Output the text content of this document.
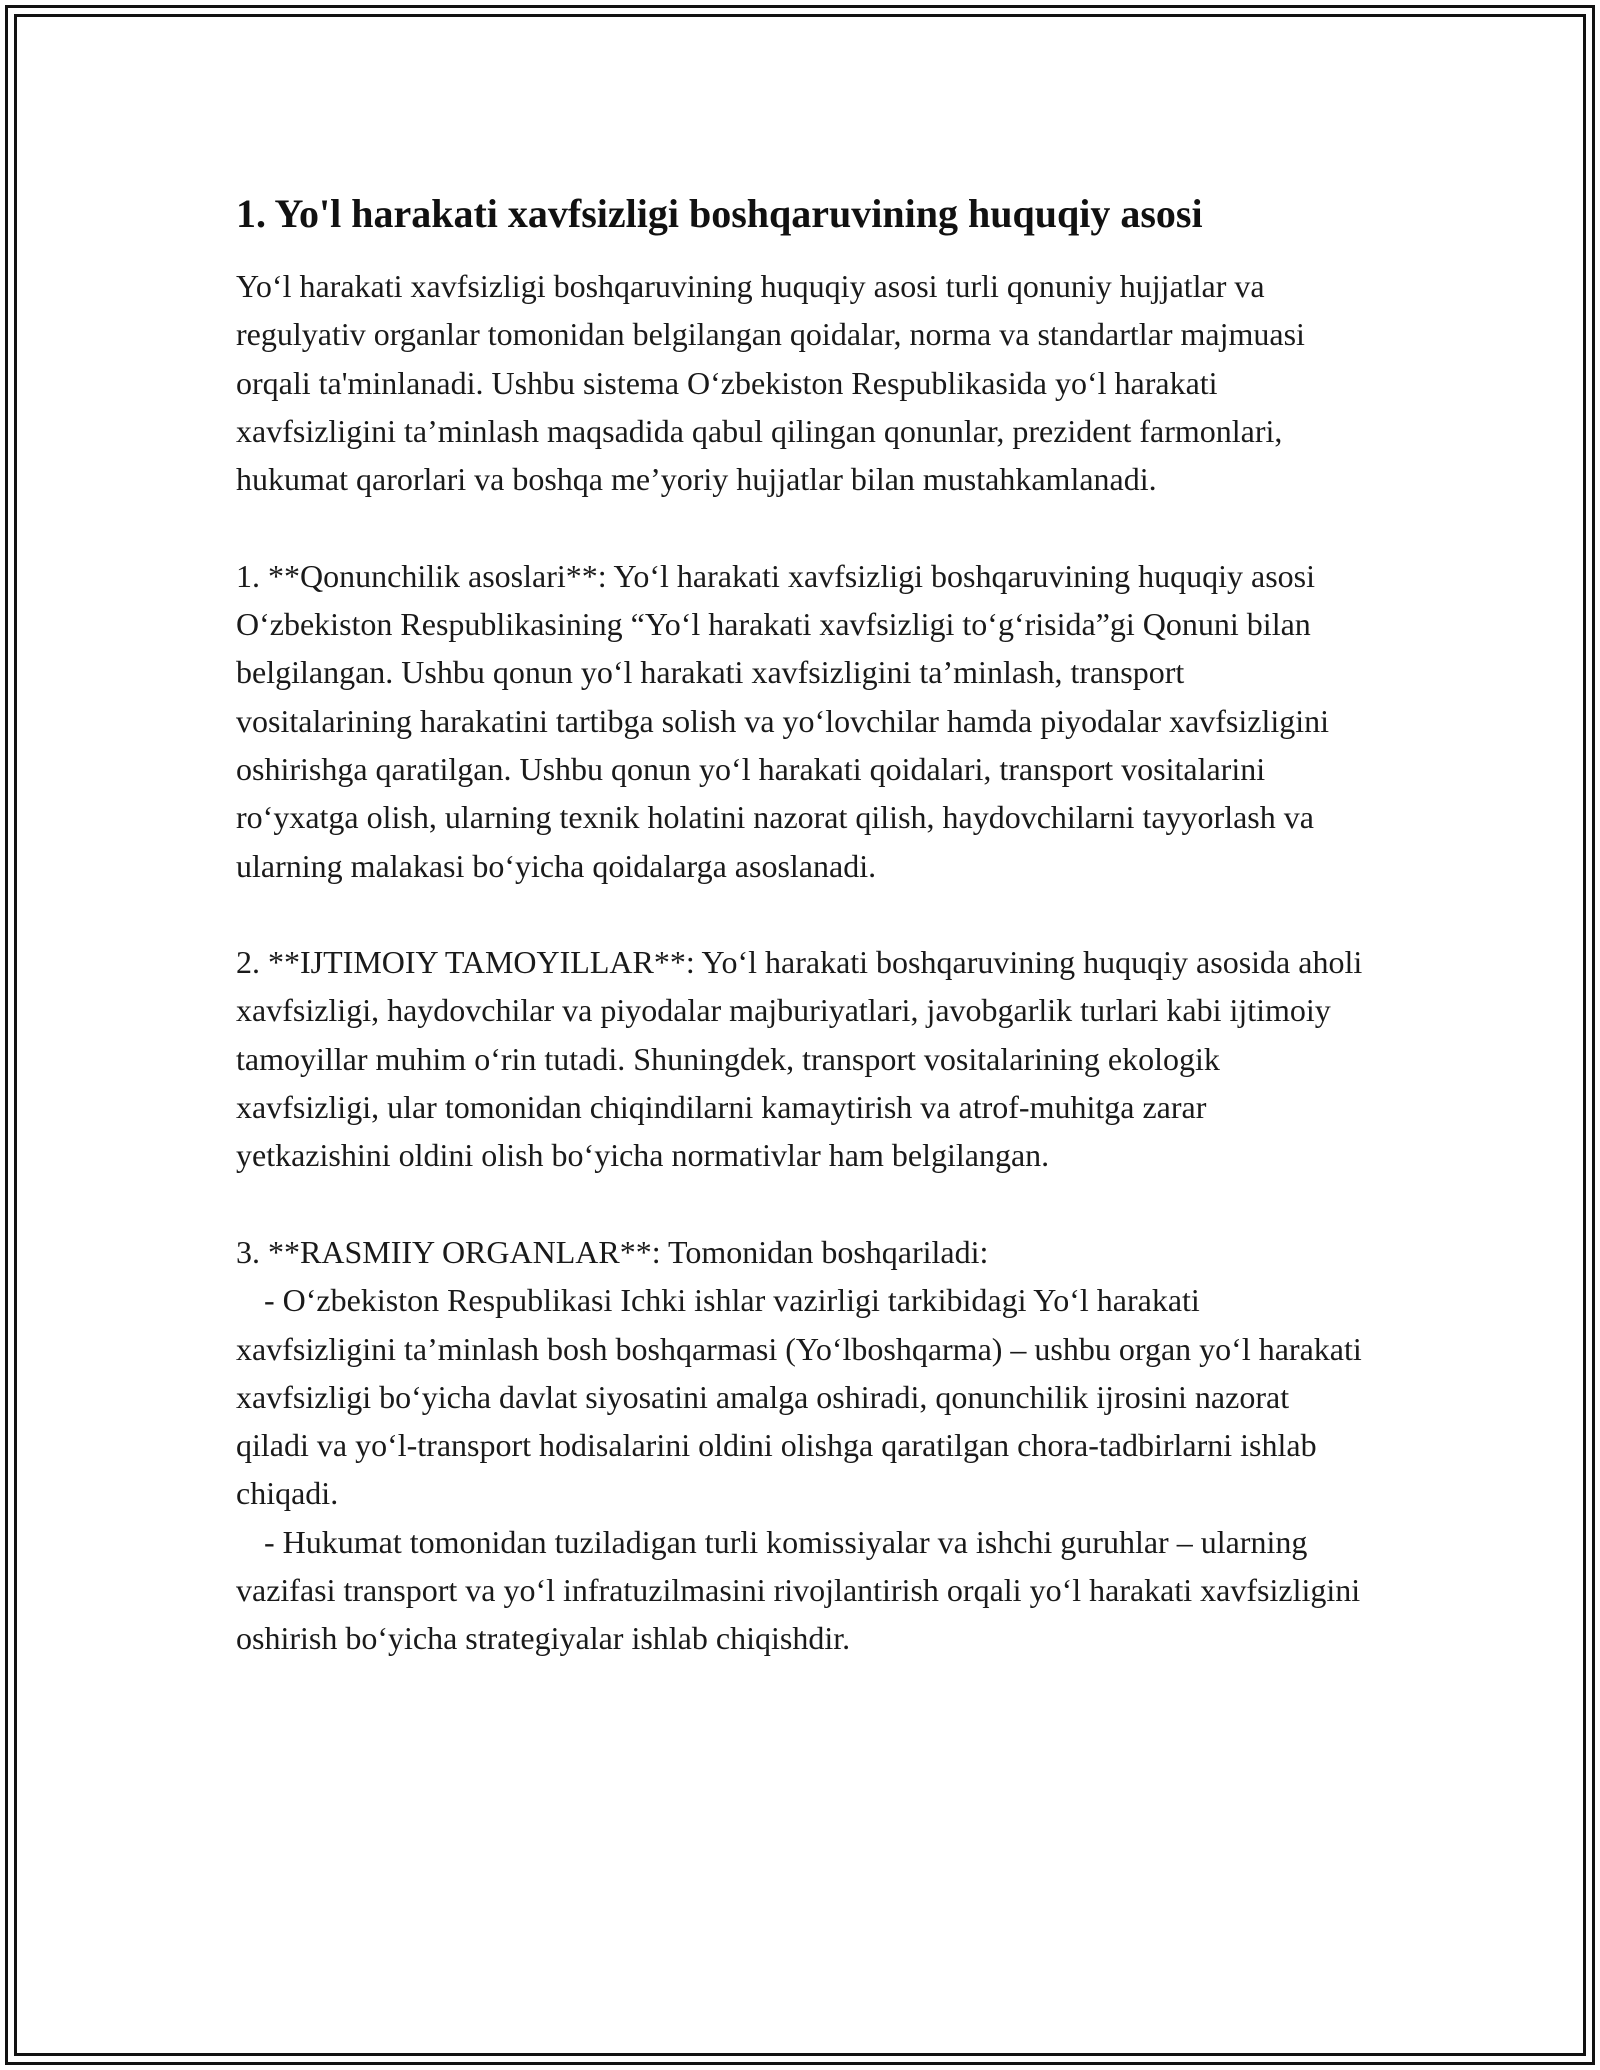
1. Yo'l harakati xavfsizligi boshqaruvining huquqiy asosi

Yo‘l harakati xavfsizligi boshqaruvining huquqiy asosi turli qonuniy hujjatlar va regulyativ organlar tomonidan belgilangan qoidalar, norma va standartlar majmuasi orqali ta'minlanadi. Ushbu sistema O‘zbekiston Respublikasida yo‘l harakati xavfsizligini ta’minlash maqsadida qabul qilingan qonunlar, prezident farmonlari, hukumat qarorlari va boshqa me’yoriy hujjatlar bilan mustahkamlanadi.

1. **Qonunchilik asoslari**: Yo‘l harakati xavfsizligi boshqaruvining huquqiy asosi O‘zbekiston Respublikasining “Yo‘l harakati xavfsizligi to‘g‘risida”gi Qonuni bilan belgilangan. Ushbu qonun yo‘l harakati xavfsizligini ta’minlash, transport vositalarining harakatini tartibga solish va yo‘lovchilar hamda piyodalar xavfsizligini oshirishga qaratilgan. Ushbu qonun yo‘l harakati qoidalari, transport vositalarini ro‘yxatga olish, ularning texnik holatini nazorat qilish, haydovchilarni tayyorlash va ularning malakasi bo‘yicha qoidalarga asoslanadi.

2. **IJTIMOIY TAMOYILLAR**: Yo‘l harakati boshqaruvining huquqiy asosida aholi xavfsizligi, haydovchilar va piyodalar majburiyatlari, javobgarlik turlari kabi ijtimoiy tamoyillar muhim o‘rin tutadi. Shuningdek, transport vositalarining ekologik xavfsizligi, ular tomonidan chiqindilarni kamaytirish va atrof-muhitga zarar yetkazishini oldini olish bo‘yicha normativlar ham belgilangan.

3. **RASMIIY ORGANLAR**: Tomonidan boshqariladi:

- O‘zbekiston Respublikasi Ichki ishlar vazirligi tarkibidagi Yo‘l harakati xavfsizligini ta’minlash bosh boshqarmasi (Yo‘lboshqarma) – ushbu organ yo‘l harakati xavfsizligi bo‘yicha davlat siyosatini amalga oshiradi, qonunchilik ijrosini nazorat qiladi va yo‘l-transport hodisalarini oldini olishga qaratilgan chora-tadbirlarni ishlab chiqadi.

- Hukumat tomonidan tuziladigan turli komissiyalar va ishchi guruhlar – ularning vazifasi transport va yo‘l infratuzilmasini rivojlantirish orqali yo‘l harakati xavfsizligini oshirish bo‘yicha strategiyalar ishlab chiqishdir.
